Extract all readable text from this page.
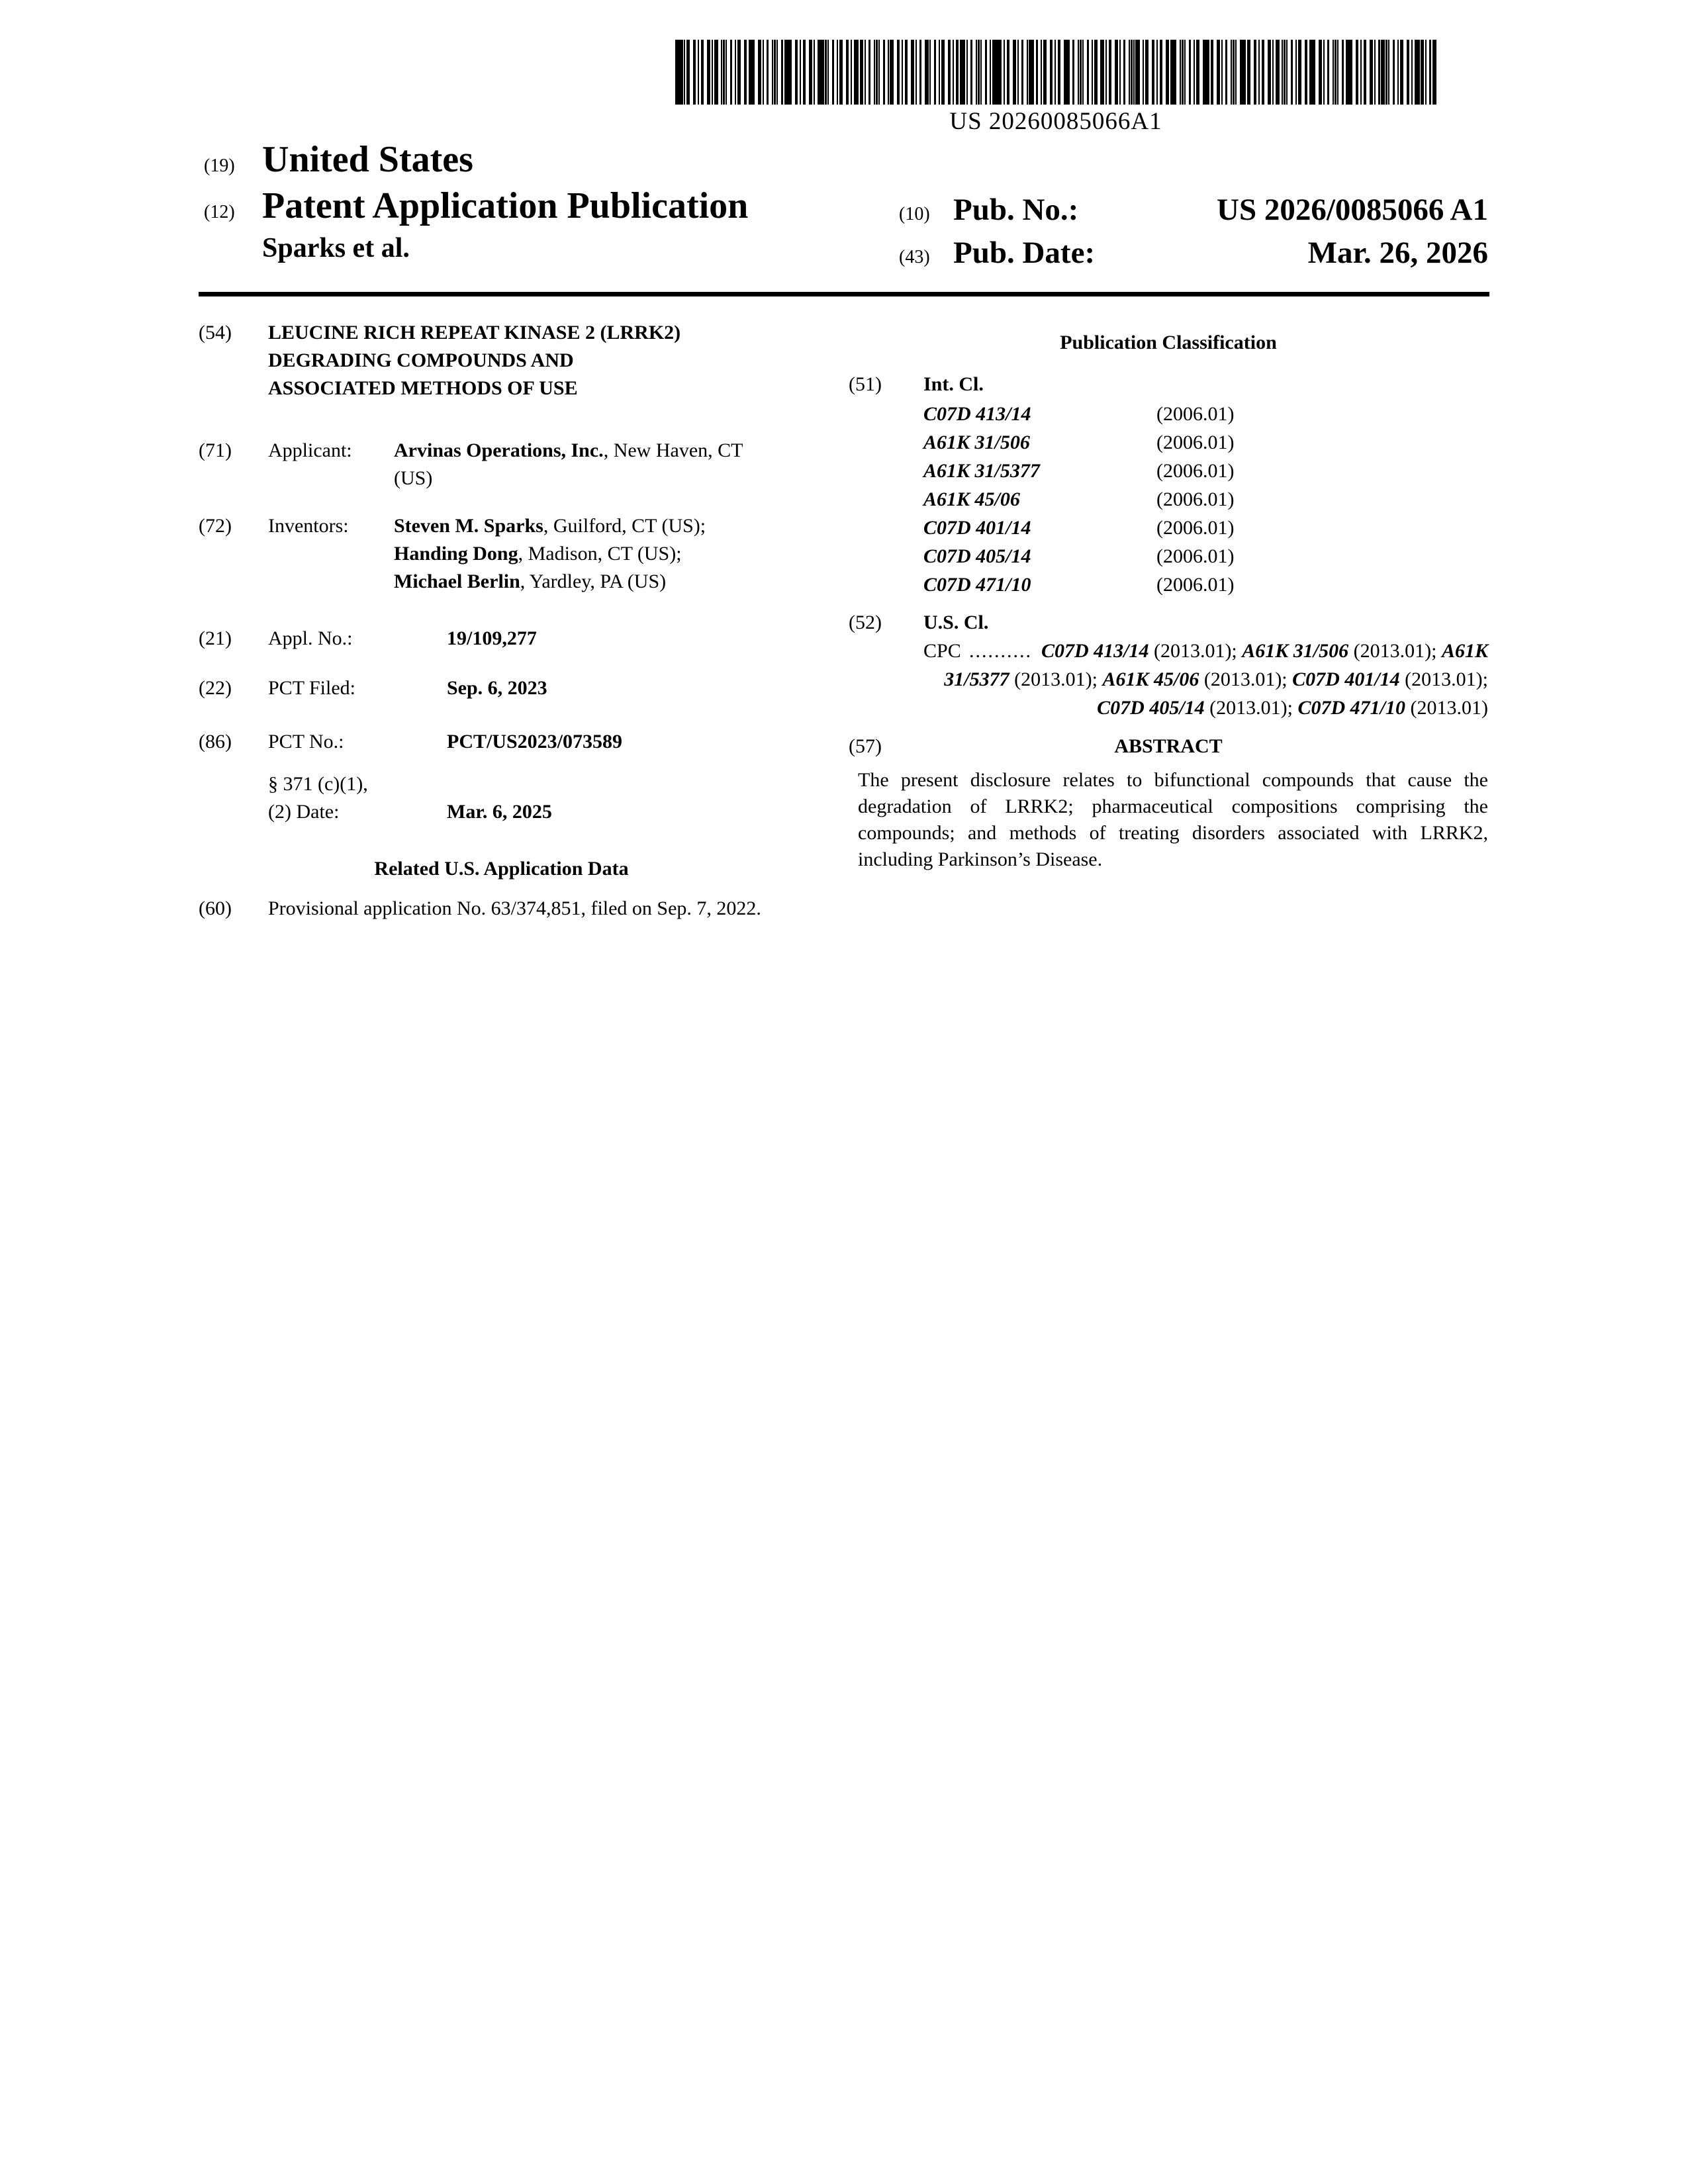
US 20260085066A1
(19) United States
(12) Patent Application Publication
Sparks et al.
(10) Pub. No.:	US 2026/0085066 A1
(43) Pub. Date:	Mar. 26, 2026
(54)	LEUCINE RICH REPEAT KINASE 2 (LRRK2)
DEGRADING COMPOUNDS AND
ASSOCIATED METHODS OF USE
(71)	Applicant:	Arvinas Operations, Inc., New Haven, CT (US)
(72)	Inventors:	Steven M. Sparks, Guilford, CT (US);
Handing Dong, Madison, CT (US);
Michael Berlin, Yardley, PA (US)
(21)	Appl. No.:	19/109,277
(22)	PCT Filed:	Sep. 6, 2023
(86)	PCT No.:	PCT/US2023/073589
§ 371 (c)(1),
(2) Date:	Mar. 6, 2025
Related U.S. Application Data
(60)	Provisional application No. 63/374,851, filed on Sep. 7, 2022.
Publication Classification
(51)	Int. Cl.
C07D 413/14	(2006.01)
A61K 31/506	(2006.01)
A61K 31/5377	(2006.01)
A61K 45/06	(2006.01)
C07D 401/14	(2006.01)
C07D 405/14	(2006.01)
C07D 471/10	(2006.01)
(52)	U.S. Cl.
CPC .......... C07D 413/14 (2013.01); A61K 31/506 (2013.01); A61K 31/5377 (2013.01); A61K 45/06 (2013.01); C07D 401/14 (2013.01); C07D 405/14 (2013.01); C07D 471/10 (2013.01)
(57)	ABSTRACT
The present disclosure relates to bifunctional compounds that cause the degradation of LRRK2; pharmaceutical compositions comprising the compounds; and methods of treating disorders associated with LRRK2, including Parkinson’s Disease.
